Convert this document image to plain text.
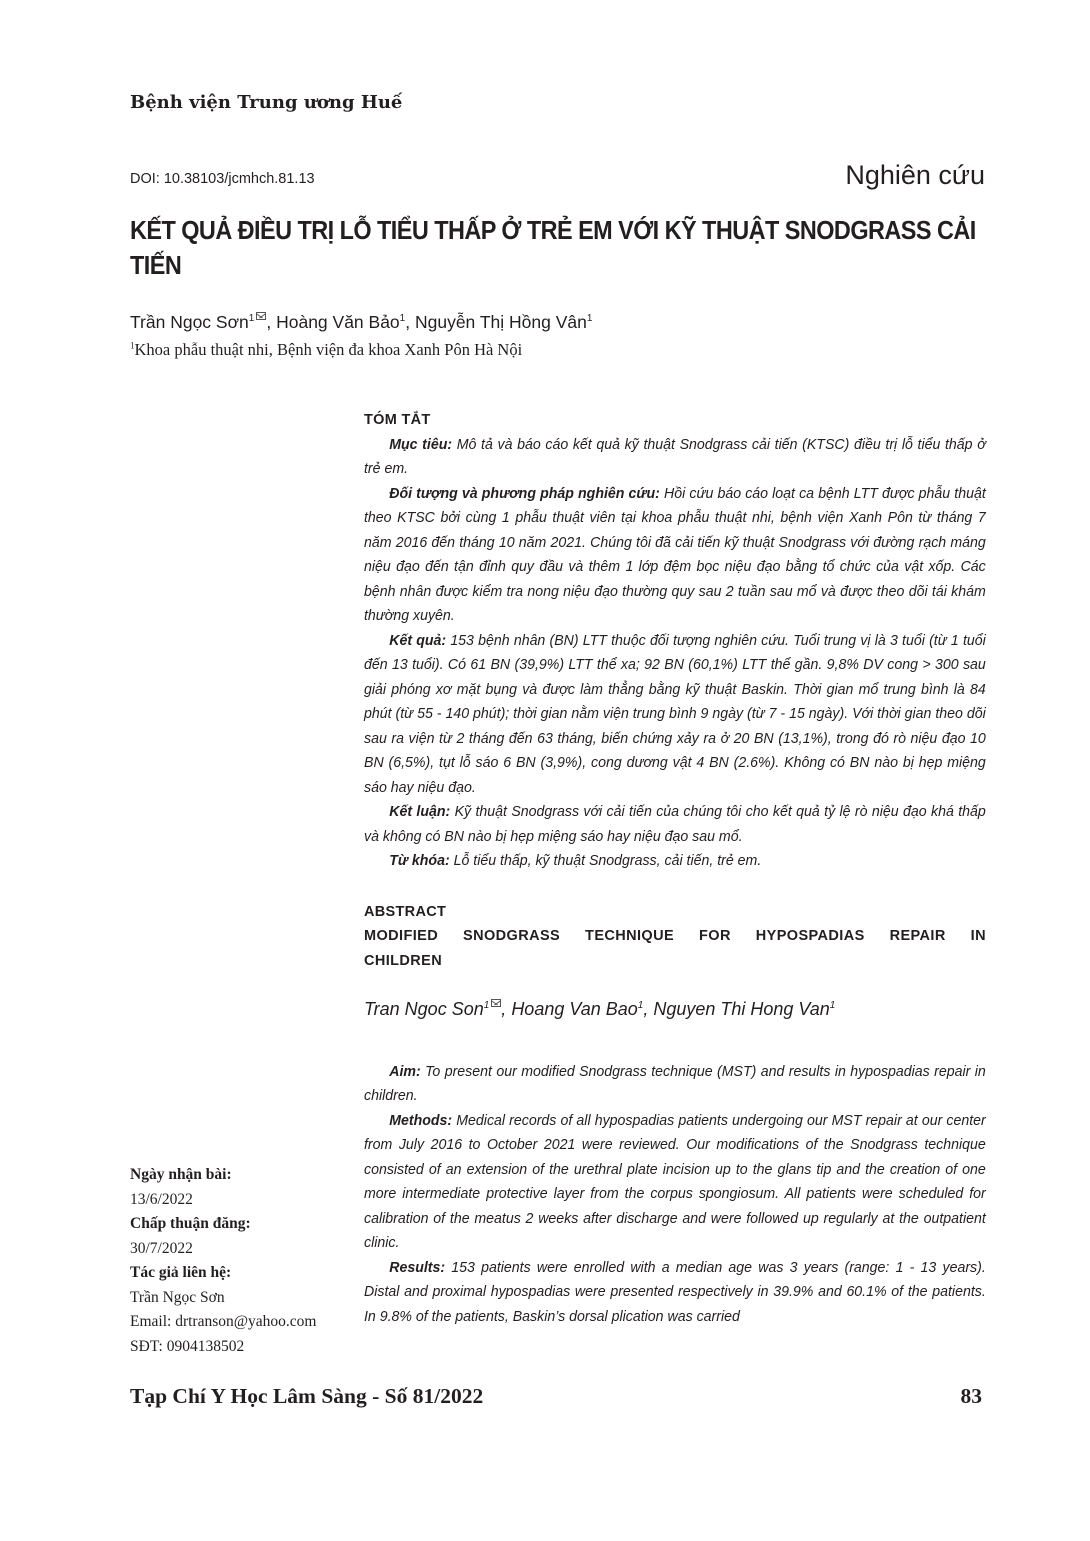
Bệnh viện Trung ương Huế
DOI: 10.38103/jcmhch.81.13	Nghiên cứu
KẾT QUẢ ĐIỀU TRỊ LỖ TIỂU THẤP Ở TRẺ EM VỚI KỸ THUẬT SNODGRASS CẢI TIẾN
Trần Ngọc Sơn$^1$ , Hoàng Văn Bảo$^1$, Nguyễn Thị Hồng Vân$^1$
$^1$Khoa phẫu thuật nhi, Bệnh viện đa khoa Xanh Pôn Hà Nội
TÓM TẮT

Mục tiêu: Mô tả và báo cáo kết quả kỹ thuật Snodgrass cải tiến (KTSC) điều trị lỗ tiểu thấp ở trẻ em.

Đối tượng và phương pháp nghiên cứu: Hồi cứu báo cáo loạt ca bệnh LTT được phẫu thuật theo KTSC bởi cùng 1 phẫu thuật viên tại khoa phẫu thuật nhi, bệnh viện Xanh Pôn từ tháng 7 năm 2016 đến tháng 10 năm 2021. Chúng tôi đã cải tiến kỹ thuật Snodgrass với đường rạch máng niệu đạo đến tận đỉnh quy đầu và thêm 1 lớp đệm bọc niệu đạo bằng tổ chức của vật xốp. Các bệnh nhân được kiểm tra nong niệu đạo thường quy sau 2 tuần sau mổ và được theo dõi tái khám thường xuyên.

Kết quả: 153 bệnh nhân (BN) LTT thuộc đối tượng nghiên cứu. Tuổi trung vị là 3 tuổi (từ 1 tuổi đến 13 tuổi). Có 61 BN (39,9%) LTT thể xa; 92 BN (60,1%) LTT thể gần. 9,8% DV cong > 300 sau giải phóng xơ mặt bụng và được làm thẳng bằng kỹ thuật Baskin. Thời gian mổ trung bình là 84 phút (từ 55 - 140 phút); thời gian nằm viện trung bình 9 ngày (từ 7 - 15 ngày). Với thời gian theo dõi sau ra viện từ 2 tháng đến 63 tháng, biến chứng xảy ra ở 20 BN (13,1%), trong đó rò niệu đạo 10 BN (6,5%), tụt lỗ sáo 6 BN (3,9%), cong dương vật 4 BN (2.6%). Không có BN nào bị hẹp miệng sáo hay niệu đạo.

Kết luận: Kỹ thuật Snodgrass với cải tiến của chúng tôi cho kết quả tỷ lệ rò niệu đạo khá thấp và không có BN nào bị hẹp miệng sáo hay niệu đạo sau mổ.

Từ khóa: Lỗ tiểu thấp, kỹ thuật Snodgrass, cải tiến, trẻ em.

ABSTRACT
MODIFIED SNODGRASS TECHNIQUE FOR HYPOSPADIAS REPAIR IN
CHILDREN
Tran Ngoc Son$^1$ , Hoang Van Bao$^1$, Nguyen Thi Hong Van$^1$

Aim: To present our modified Snodgrass technique (MST) and results in hypospadias repair in children.

Methods: Medical records of all hypospadias patients undergoing our MST repair at our center from July 2016 to October 2021 were reviewed. Our modifications of the Snodgrass technique consisted of an extension of the urethral plate incision up to the glans tip and the creation of one more intermediate protective layer from the corpus spongiosum. All patients were scheduled for calibration of the meatus 2 weeks after discharge and were followed up regularly at the outpatient clinic.

Results: 153 patients were enrolled with a median age was 3 years (range: 1 - 13 years). Distal and proximal hypospadias were presented respectively in 39.9% and 60.1% of the patients. In 9.8% of the patients, Baskin’s dorsal plication was carried

Ngày nhận bài:
13/6/2022
Chấp thuận đăng:
30/7/2022
Tác giả liên hệ:
Trần Ngọc Sơn
Email: drtranson@yahoo.com
SĐT: 0904138502
Tạp Chí Y Học Lâm Sàng - Số 81/2022	83
